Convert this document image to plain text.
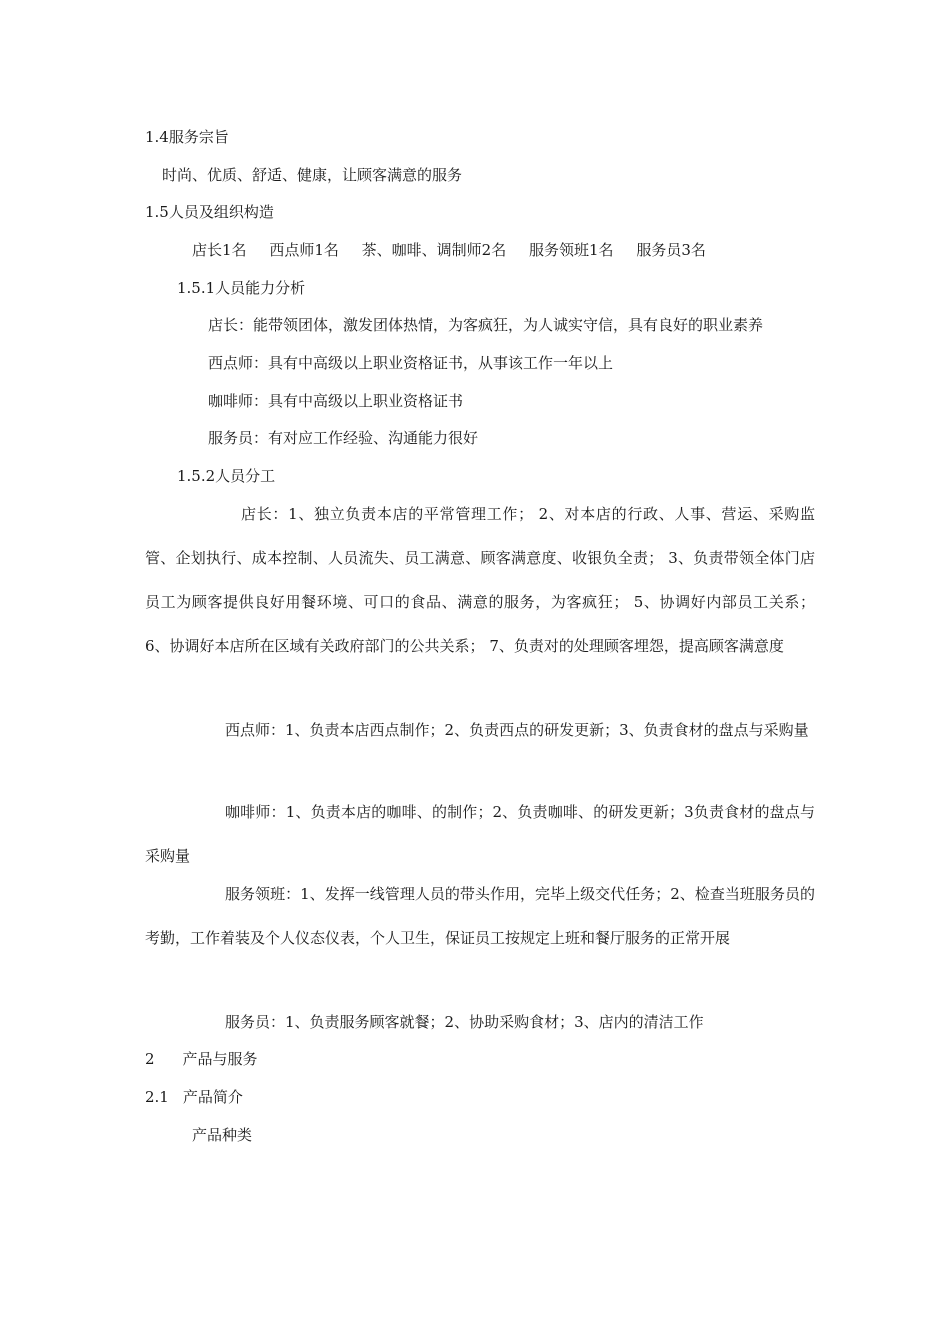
1.4服务宗旨

时尚、优质、舒适、健康，让顾客满意的服务

1.5人员及组织构造

店长1名 西点师1名 茶、咖啡、调制师2名 服务领班1名 服务员3名

1.5.1人员能力分析

店长：能带领团体，激发团体热情，为客疯狂，为人诚实守信，具有良好的职业素养

西点师：具有中高级以上职业资格证书，从事该工作一年以上

咖啡师：具有中高级以上职业资格证书

服务员：有对应工作经验、沟通能力很好

1.5.2人员分工

店长：1、独立负责本店的平常管理工作； 2、对本店的行政、人事、营运、采购监管、企划执行、成本控制、人员流失、员工满意、顾客满意度、收银负全责； 3、负责带领全体门店员工为顾客提供良好用餐环境、可口的食品、满意的服务，为客疯狂； 5、协调好内部员工关系； 6、协调好本店所在区域有关政府部门的公共关系； 7、负责对的处理顾客埋怨，提高顾客满意度

西点师：1、负责本店西点制作；2、负责西点的研发更新；3、负责食材的盘点与采购量

咖啡师：1、负责本店的咖啡、的制作；2、负责咖啡、的研发更新；3负责食材的盘点与采购量

服务领班：1、发挥一线管理人员的带头作用，完毕上级交代任务；2、检查当班服务员的考勤，工作着装及个人仪态仪表，个人卫生，保证员工按规定上班和餐厅服务的正常开展

服务员：1、负责服务顾客就餐；2、协助采购食材；3、店内的清洁工作

2 产品与服务

2.1 产品简介

产品种类
